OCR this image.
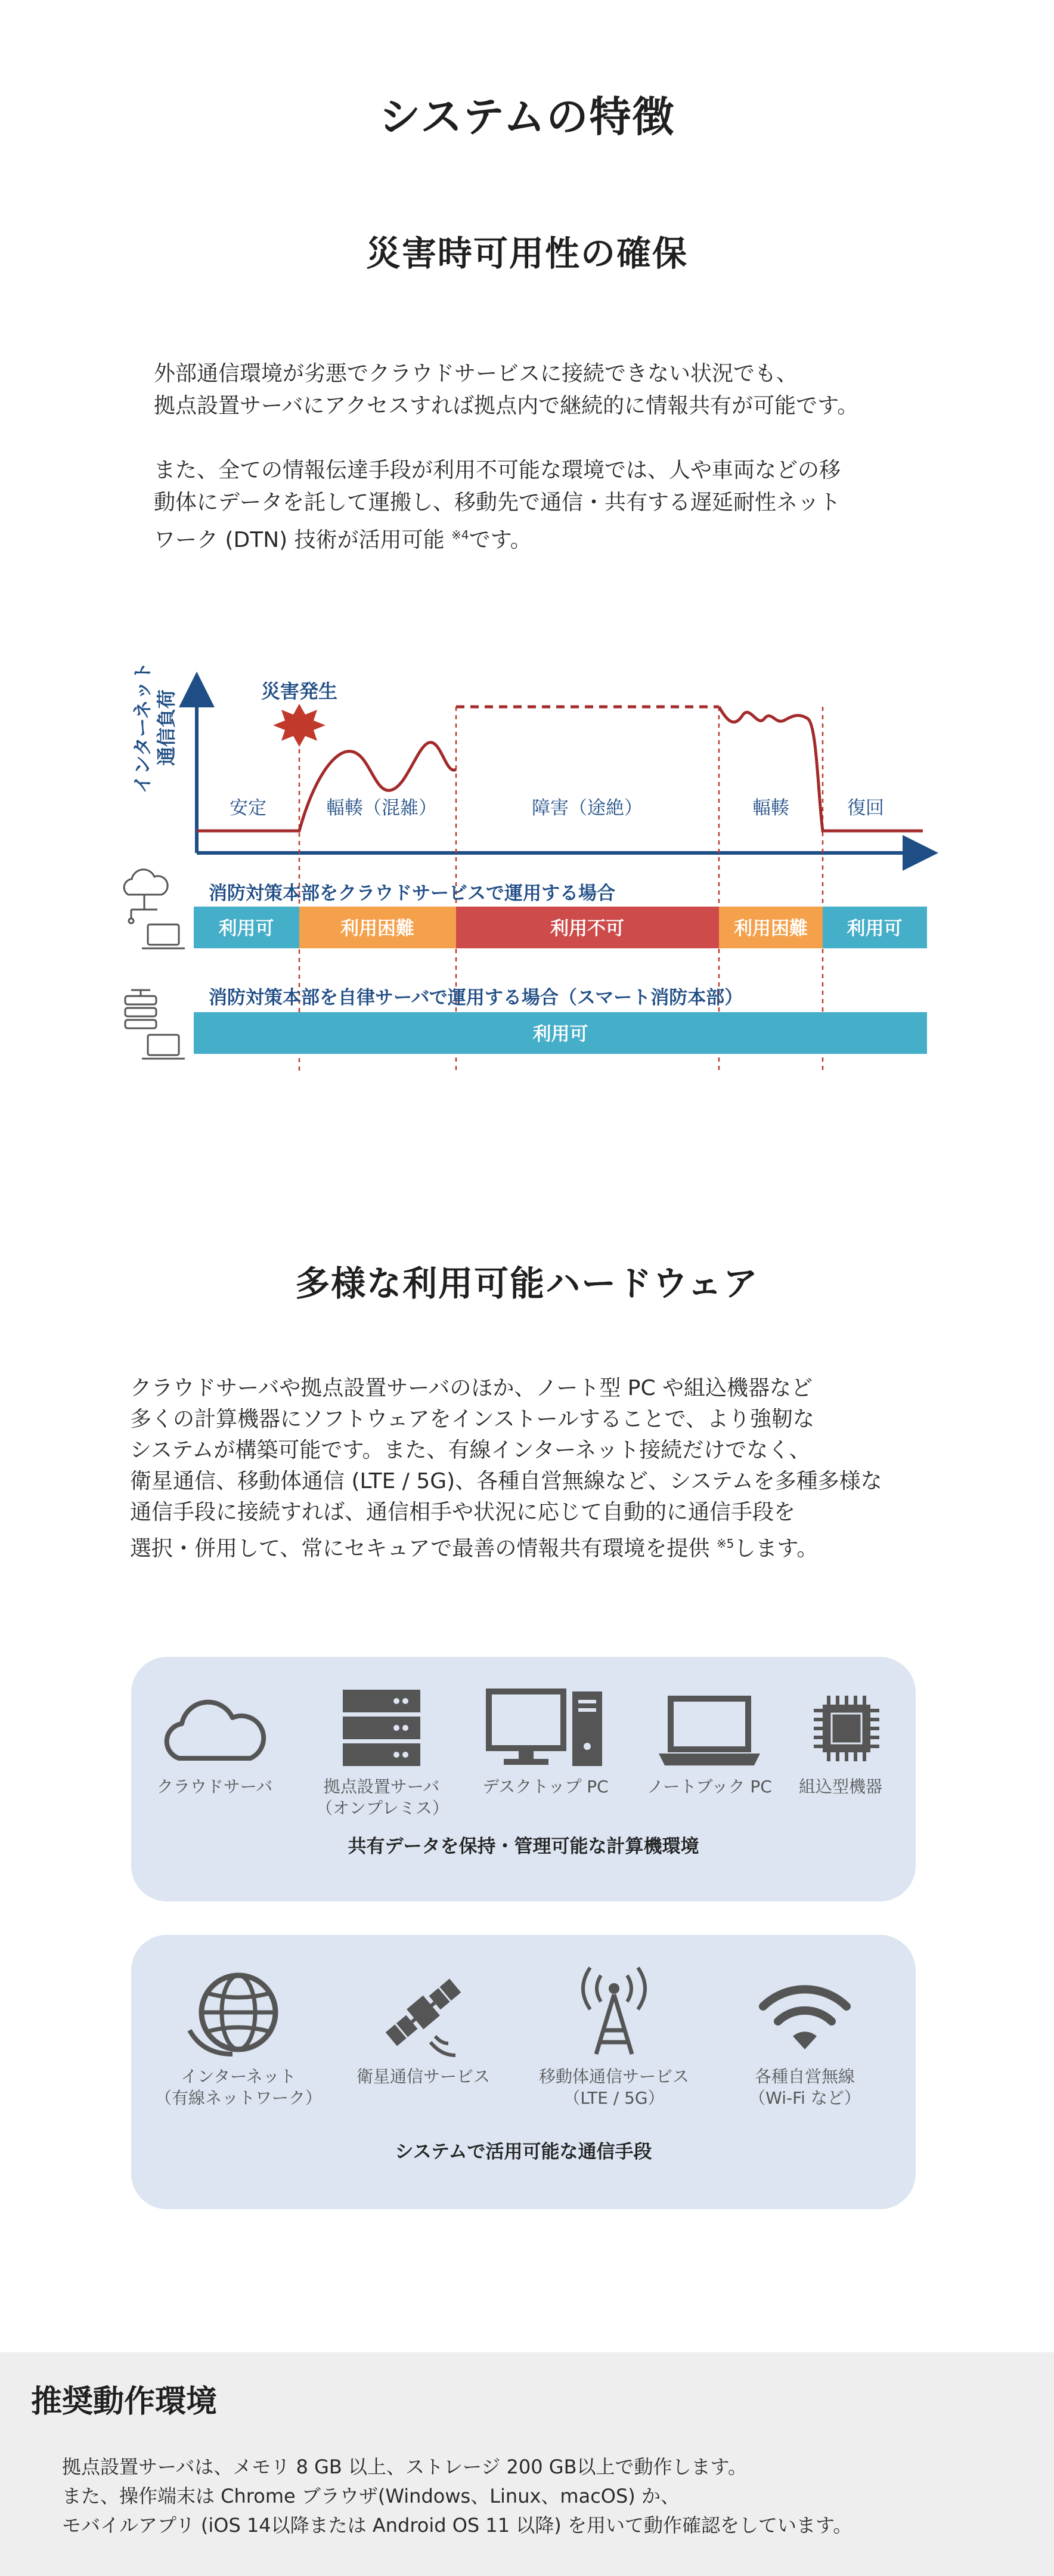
システムの特徴
災害時可用性の確保

外部通信環境が劣悪でクラウドサービスに接続できない状況でも、

拠点設置サーバにアクセスすれば拠点内で継続的に情報共有が可能です。

また、全ての情報伝達手段が利用不可能な環境では、人や車両などの移

動体にデータを託して運搬し、移動先で通信・共有する遅延耐性ネット

ワーク (DTN) 技術が活用可能 $^{※4}$です。

インターネット 通信負荷	災害発生
安定	輻輳（混雑）	障害（途絶）	輻輳	復回
消防対策本部をクラウドサービスで運用する場合
利用可	利用困難	利用不可	利用困難 利用可
消防対策本部を自律サーバで運用する場合（スマート消防本部）
利用可
多様な利用可能ハードウェア

クラウドサーバや拠点設置サーバのほか、ノート型 PC や組込機器など

多くの計算機器にソフトウェアをインストールすることで、より強靭な

システムが構築可能です。また、有線インターネット接続だけでなく、

衛星通信、移動体通信 (LTE / 5G)、各種自営無線など、システムを多種多様な

通信手段に接続すれば、通信相手や状況に応じて自動的に通信手段を

選択・併用して、常にセキュアで最善の情報共有環境を提供 $^{※5}$します。

クラウドサーバ	拠点設置サーバ
（オンプレミス）
デスクトップ PC	ノートブック PC	組込型機器
共有データを保持・管理可能な計算機環境
インターネット
（有線ネットワーク）
衛星通信サービス	移動体通信サービス
（LTE / 5G）
各種自営無線
（Wi-Fi など）
システムで活用可能な通信手段
推奨動作環境

拠点設置サーバは、メモリ 8 GB 以上、ストレージ 200 GB以上で動作します。

また、操作端末は Chrome ブラウザ(Windows、Linux、macOS) か、

モバイルアプリ (iOS 14以降または Android OS 11 以降) を用いて動作確認をしています。
